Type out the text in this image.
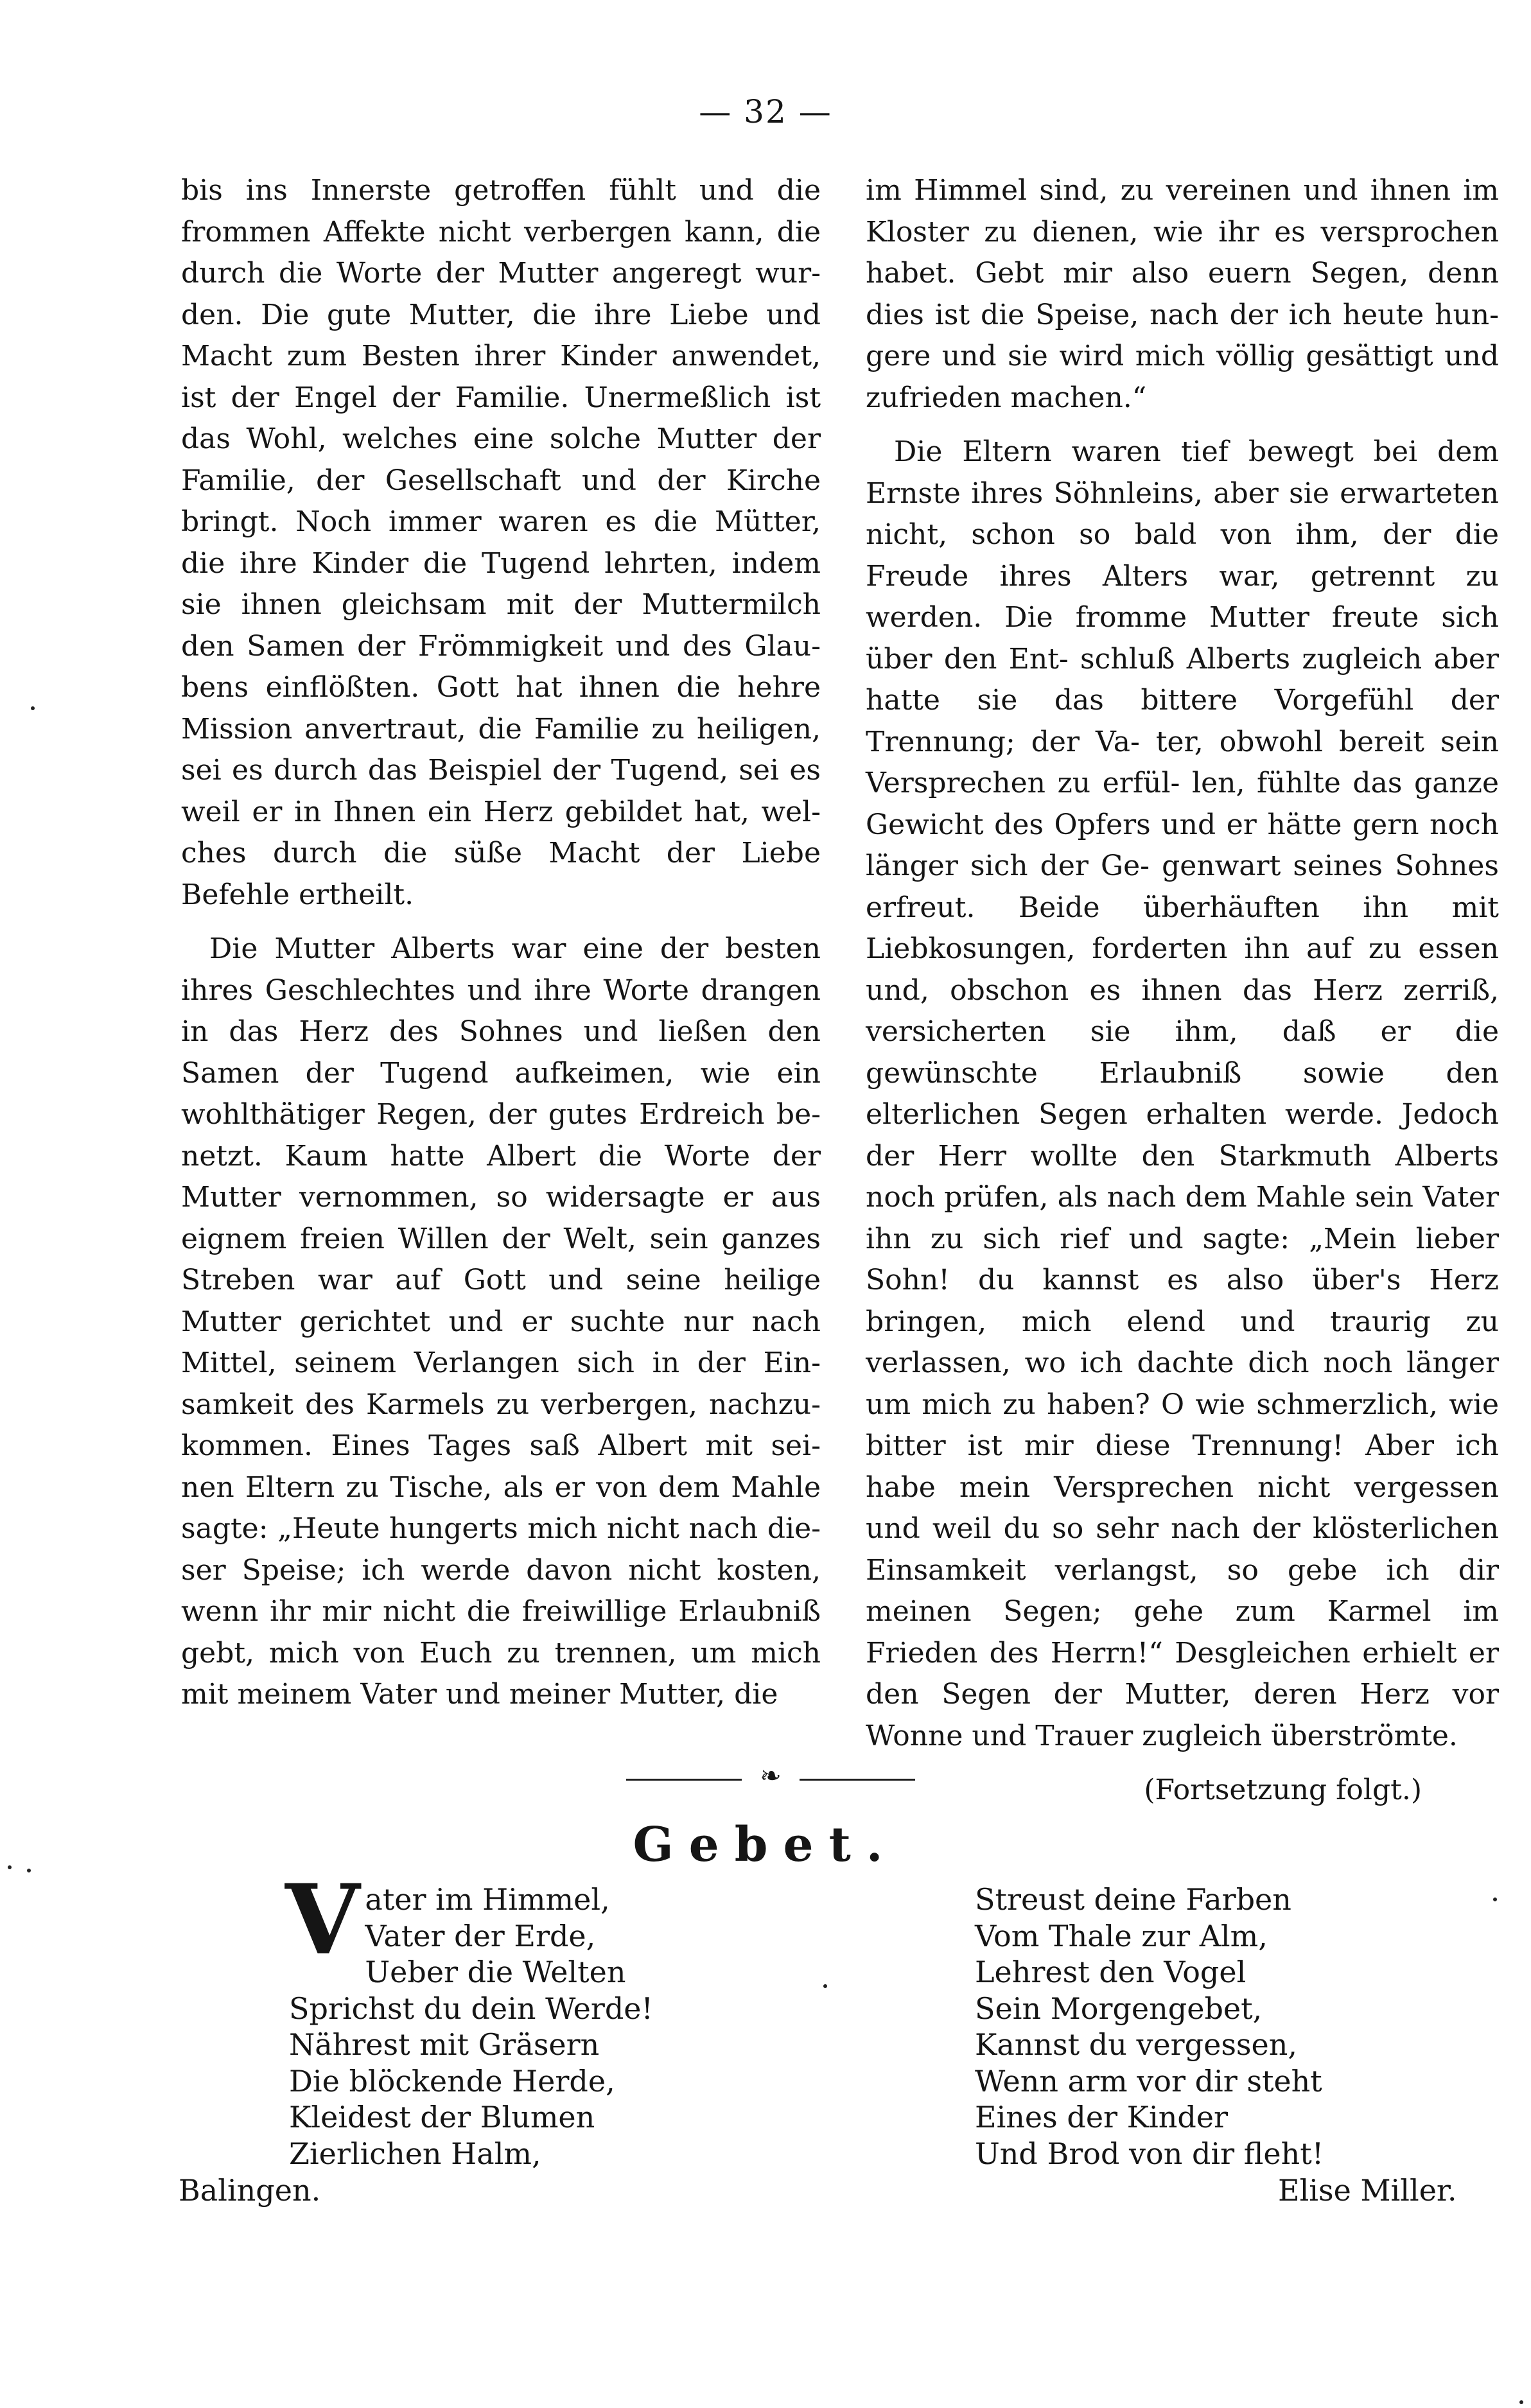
— 32 —

bis ins Innerste getroffen fühlt und die frommen Affekte nicht verbergen kann, die durch die Worte der Mutter angeregt wur- den. Die gute Mutter, die ihre Liebe und Macht zum Besten ihrer Kinder anwendet, ist der Engel der Familie. Unermeßlich ist das Wohl, welches eine solche Mutter der Familie, der Gesellschaft und der Kirche bringt. Noch immer waren es die Mütter, die ihre Kinder die Tugend lehrten, indem sie ihnen gleichsam mit der Muttermilch den Samen der Frömmigkeit und des Glau- bens einflößten. Gott hat ihnen die hehre Mission anvertraut, die Familie zu heiligen, sei es durch das Beispiel der Tugend, sei es weil er in Ihnen ein Herz gebildet hat, wel- ches durch die süße Macht der Liebe Befehle ertheilt.

Die Mutter Alberts war eine der besten ihres Geschlechtes und ihre Worte drangen in das Herz des Sohnes und ließen den Samen der Tugend aufkeimen, wie ein wohlthätiger Regen, der gutes Erdreich be- netzt. Kaum hatte Albert die Worte der Mutter vernommen, so widersagte er aus eignem freien Willen der Welt, sein ganzes Streben war auf Gott und seine heilige Mutter gerichtet und er suchte nur nach Mittel, seinem Verlangen sich in der Ein- samkeit des Karmels zu verbergen, nachzu- kommen. Eines Tages saß Albert mit sei- nen Eltern zu Tische, als er von dem Mahle sagte: „Heute hungerts mich nicht nach die- ser Speise; ich werde davon nicht kosten, wenn ihr mir nicht die freiwillige Erlaubniß gebt, mich von Euch zu trennen, um mich mit meinem Vater und meiner Mutter, die

im Himmel sind, zu vereinen und ihnen im Kloster zu dienen, wie ihr es versprochen habet. Gebt mir also euern Segen, denn dies ist die Speise, nach der ich heute hun- gere und sie wird mich völlig gesättigt und zufrieden machen.“

Die Eltern waren tief bewegt bei dem Ernste ihres Söhnleins, aber sie erwarteten nicht, schon so bald von ihm, der die Freude ihres Alters war, getrennt zu werden. Die fromme Mutter freute sich über den Ent- schluß Alberts zugleich aber hatte sie das bittere Vorgefühl der Trennung; der Va- ter, obwohl bereit sein Versprechen zu erfül- len, fühlte das ganze Gewicht des Opfers und er hätte gern noch länger sich der Ge- genwart seines Sohnes erfreut. Beide überhäuften ihn mit Liebkosungen, forderten ihn auf zu essen und, obschon es ihnen das Herz zerriß, versicherten sie ihm, daß er die gewünschte Erlaubniß sowie den elterlichen Segen erhalten werde. Jedoch der Herr wollte den Starkmuth Alberts noch prüfen, als nach dem Mahle sein Vater ihn zu sich rief und sagte: „Mein lieber Sohn! du kannst es also über's Herz bringen, mich elend und traurig zu verlassen, wo ich dachte dich noch länger um mich zu haben? O wie schmerzlich, wie bitter ist mir diese Trennung! Aber ich habe mein Versprechen nicht vergessen und weil du so sehr nach der klösterlichen Einsamkeit verlangst, so gebe ich dir meinen Segen; gehe zum Karmel im Frieden des Herrn!“ Desgleichen erhielt er den Segen der Mutter, deren Herz vor Wonne und Trauer zugleich überströmte.

(Fortsetzung folgt.)
❧
Gebet.
V ater im Himmel,
Vater der Erde,
Ueber die Welten
Sprichst du dein Werde!
Nährest mit Gräsern
Die blöckende Herde,
Kleidest der Blumen
Zierlichen Halm,
Streust deine Farben
Vom Thale zur Alm,
Lehrest den Vogel
Sein Morgengebet,
Kannst du vergessen,
Wenn arm vor dir steht
Eines der Kinder
Und Brod von dir fleht!
Balingen.	Elise Miller.
